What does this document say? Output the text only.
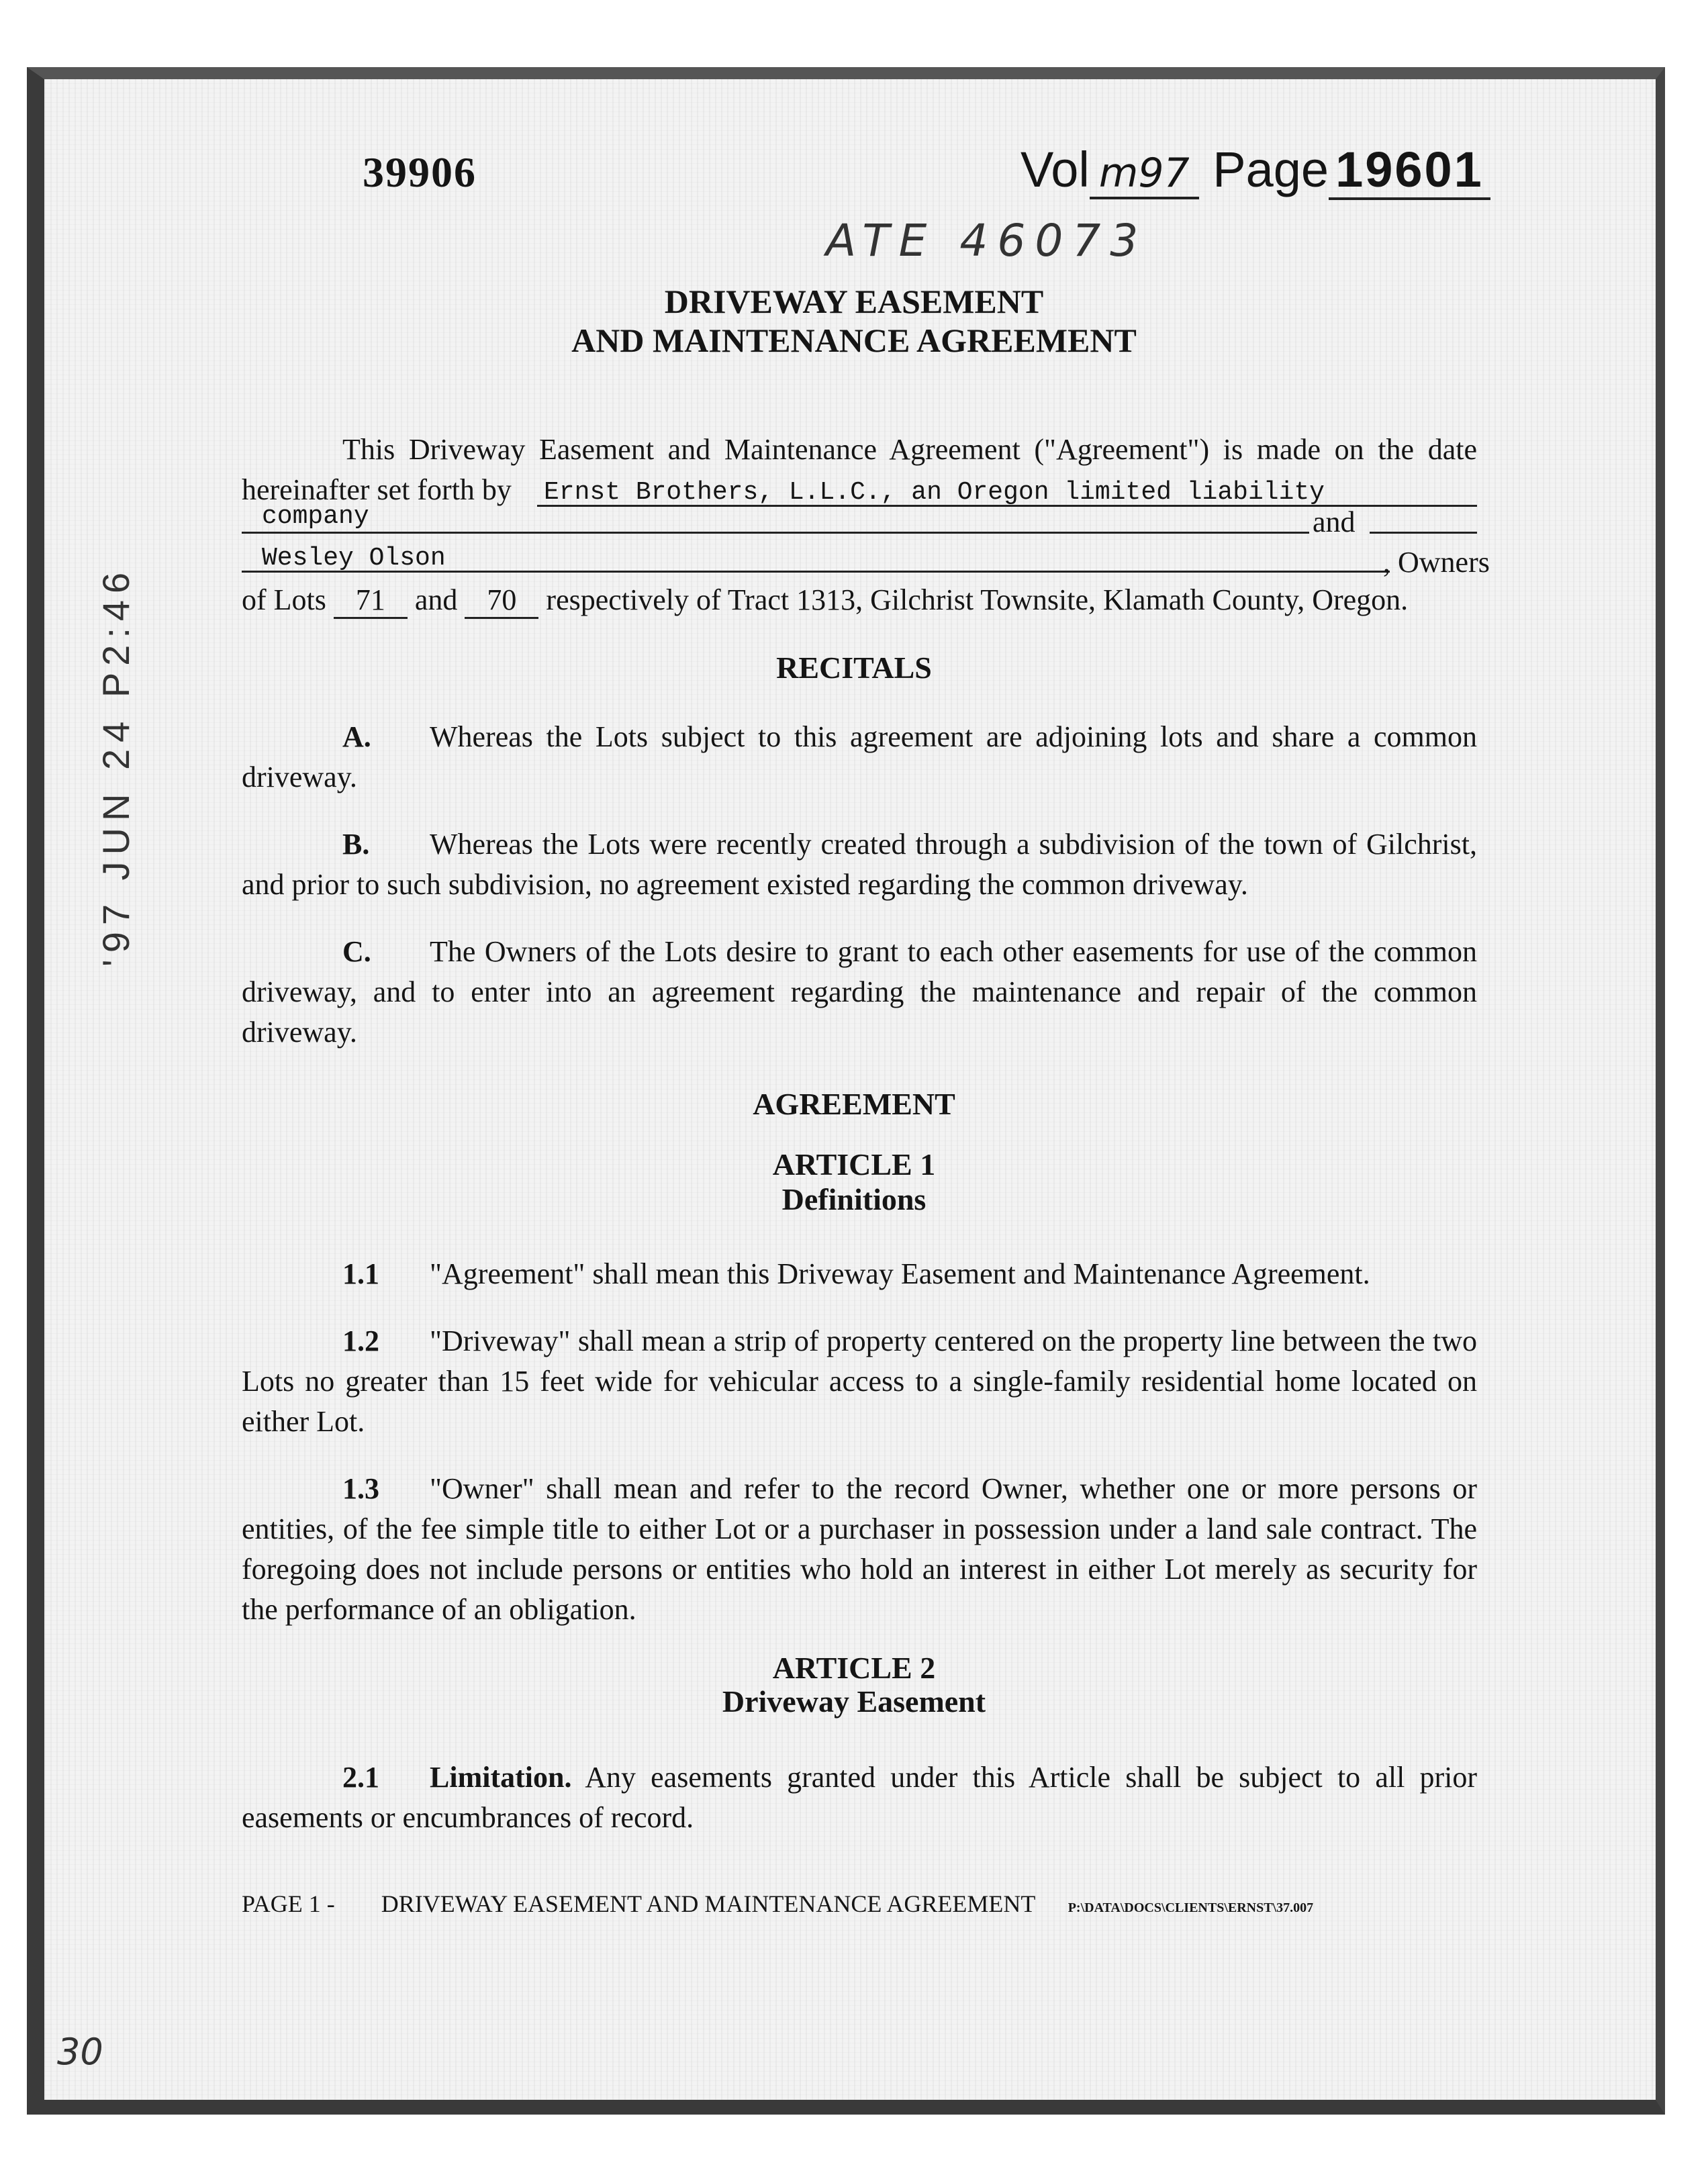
39906	Vol m97 Page 19601
ATE 46073
DRIVEWAY EASEMENT
AND MAINTENANCE AGREEMENT
This Driveway Easement and Maintenance Agreement ("Agreement") is made on the date hereinafter set forth by	Ernst Brothers, L.L.C., an Oregon limited liability
company	and
Wesley Olson	, Owners
of Lots 71 and 70 respectively of Tract 1313, Gilchrist Townsite, Klamath County, Oregon.
RECITALS
A. Whereas the Lots subject to this agreement are adjoining lots and share a common driveway.
B. Whereas the Lots were recently created through a subdivision of the town of Gilchrist, and prior to such subdivision, no agreement existed regarding the common driveway.
C. The Owners of the Lots desire to grant to each other easements for use of the common driveway, and to enter into an agreement regarding the maintenance and repair of the common driveway.
AGREEMENT
ARTICLE 1
Definitions
1.1 "Agreement" shall mean this Driveway Easement and Maintenance Agreement.
1.2 "Driveway" shall mean a strip of property centered on the property line between the two Lots no greater than 15 feet wide for vehicular access to a single-family residential home located on either Lot.
1.3 "Owner" shall mean and refer to the record Owner, whether one or more persons or entities, of the fee simple title to either Lot or a purchaser in possession under a land sale contract. The foregoing does not include persons or entities who hold an interest in either Lot merely as security for the performance of an obligation.
ARTICLE 2
Driveway Easement
2.1 Limitation. Any easements granted under this Article shall be subject to all prior easements or encumbrances of record.
PAGE 1 - DRIVEWAY EASEMENT AND MAINTENANCE AGREEMENT P:\DATA\DOCS\CLIENTS\ERNST\37.007
'97 JUN 24 P2:46
30
